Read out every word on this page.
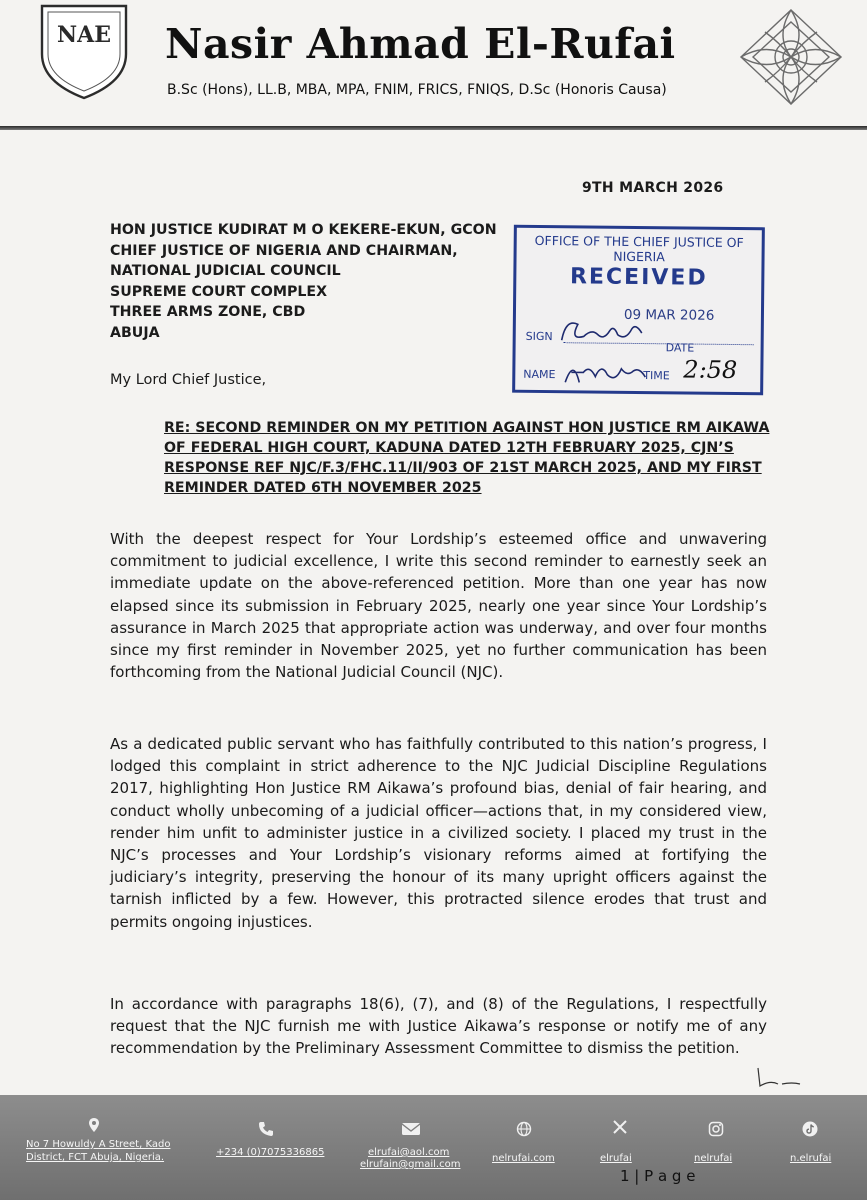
NAE Nasir Ahmad El-Rufai

B.Sc (Hons), LL.B, MBA, MPA, FNIM, FRICS, FNIQS, D.Sc (Honoris Causa)

9TH MARCH 2026
HON JUSTICE KUDIRAT M O KEKERE-EKUN, GCON
CHIEF JUSTICE OF NIGERIA AND CHAIRMAN,
NATIONAL JUDICIAL COUNCIL
SUPREME COURT COMPLEX
THREE ARMS ZONE, CBD
ABUJA
OFFICE OF THE CHIEF JUSTICE OF NIGERIA
RECEIVED
09 MAR 2026
SIGN
DATE
NAME	TIME 2:58
My Lord Chief Justice,

RE: SECOND REMINDER ON MY PETITION AGAINST HON JUSTICE RM AIKAWA OF FEDERAL HIGH COURT, KADUNA DATED 12TH FEBRUARY 2025, CJN’S RESPONSE REF NJC/F.3/FHC.11/II/903 OF 21ST MARCH 2025, AND MY FIRST REMINDER DATED 6TH NOVEMBER 2025

With the deepest respect for Your Lordship’s esteemed office and unwavering commitment to judicial excellence, I write this second reminder to earnestly seek an immediate update on the above-referenced petition. More than one year has now elapsed since its submission in February 2025, nearly one year since Your Lordship’s assurance in March 2025 that appropriate action was underway, and over four months since my first reminder in November 2025, yet no further communication has been forthcoming from the National Judicial Council (NJC).

As a dedicated public servant who has faithfully contributed to this nation’s progress, I lodged this complaint in strict adherence to the NJC Judicial Discipline Regulations 2017, highlighting Hon Justice RM Aikawa’s profound bias, denial of fair hearing, and conduct wholly unbecoming of a judicial officer—actions that, in my considered view, render him unfit to administer justice in a civilized society. I placed my trust in the NJC’s processes and Your Lordship’s visionary reforms aimed at fortifying the judiciary’s integrity, preserving the honour of its many upright officers against the tarnish inflicted by a few. However, this protracted silence erodes that trust and permits ongoing injustices.

In accordance with paragraphs 18(6), (7), and (8) of the Regulations, I respectfully request that the NJC furnish me with Justice Aikawa’s response or notify me of any recommendation by the Preliminary Assessment Committee to dismiss the petition.

No 7 Howuldy A Street, Kado
District, FCT Abuja, Nigeria.	+234 (0)7075336865	elrufai@aol.com
elrufain@gmail.com
nelrufai.com	elrufai	nelrufai	n.elrufai
1 | P a g e
